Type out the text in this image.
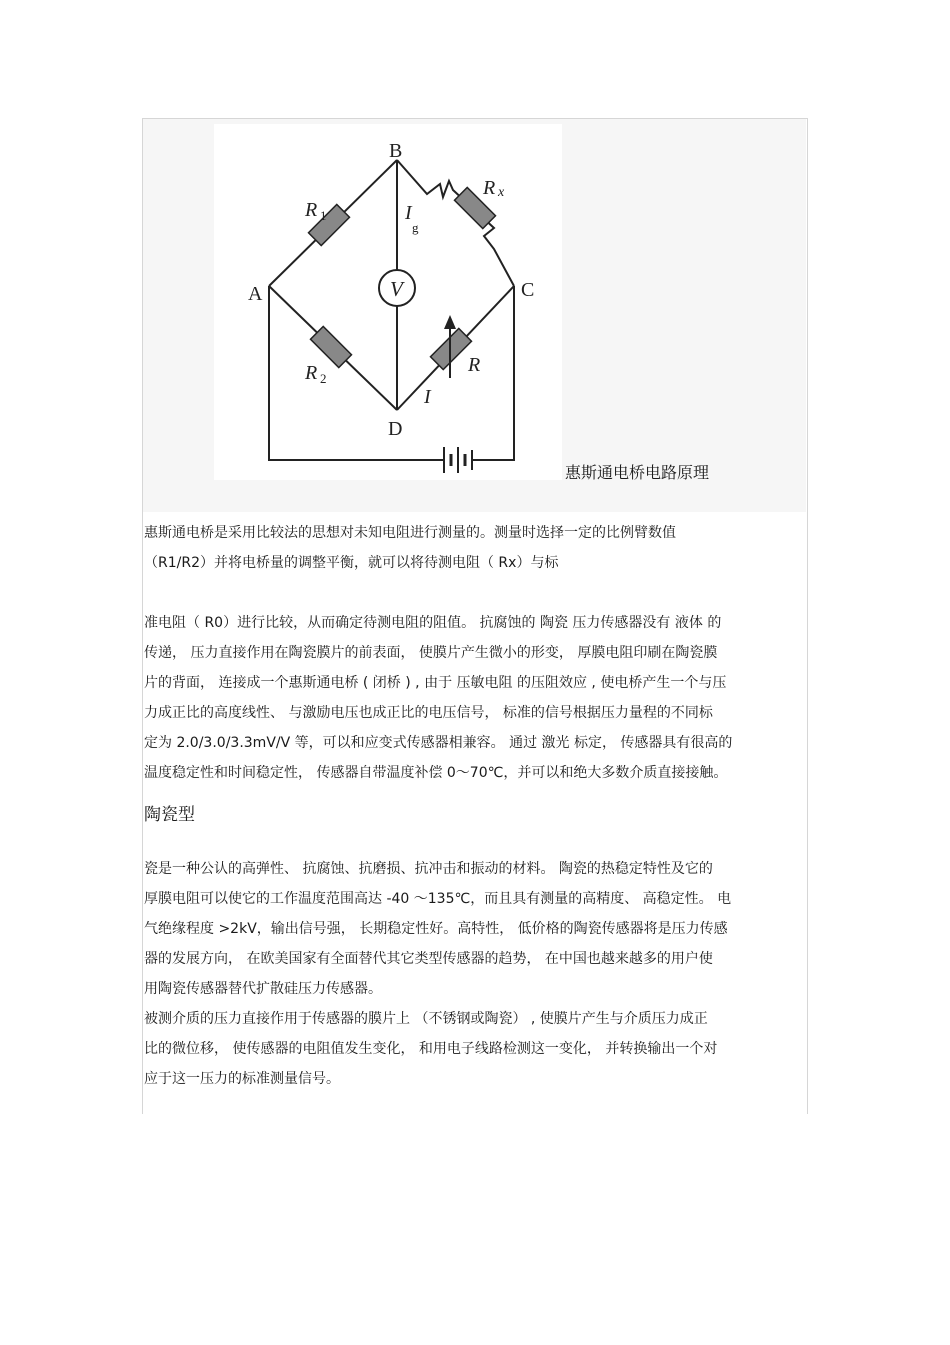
B
A	C
D
R 1
R 2
R x
R
I
g
V
I
惠斯通电桥电路原理
惠斯通电桥是采用比较法的思想对未知电阻进行测量的。测量时选择一定的比例臂数值
（R1/R2）并将电桥量的调整平衡，就可以将待测电阻（ Rx）与标
准电阻（ R0）进行比较，从而确定待测电阻的阻值。 抗腐蚀的 陶瓷 压力传感器没有 液体 的
传递， 压力直接作用在陶瓷膜片的前表面， 使膜片产生微小的形变， 厚膜电阻印刷在陶瓷膜
片的背面， 连接成一个惠斯通电桥 ( 闭桥 ) , 由于 压敏电阻 的压阻效应 , 使电桥产生一个与压
力成正比的高度线性、 与激励电压也成正比的电压信号， 标准的信号根据压力量程的不同标
定为 2.0/3.0/3.3mV/V 等，可以和应变式传感器相兼容。 通过 激光 标定， 传感器具有很高的
温度稳定性和时间稳定性， 传感器自带温度补偿 0～70℃，并可以和绝大多数介质直接接触。
陶瓷型
瓷是一种公认的高弹性、 抗腐蚀、抗磨损、抗冲击和振动的材料。 陶瓷的热稳定特性及它的
厚膜电阻可以使它的工作温度范围高达 -40 ～135℃，而且具有测量的高精度、 高稳定性。 电
气绝缘程度 >2kV，输出信号强， 长期稳定性好。高特性， 低价格的陶瓷传感器将是压力传感
器的发展方向， 在欧美国家有全面替代其它类型传感器的趋势， 在中国也越来越多的用户使
用陶瓷传感器替代扩散硅压力传感器。
被测介质的压力直接作用于传感器的膜片上 （不锈钢或陶瓷） , 使膜片产生与介质压力成正
比的微位移， 使传感器的电阻值发生变化， 和用电子线路检测这一变化， 并转换输出一个对
应于这一压力的标准测量信号。
